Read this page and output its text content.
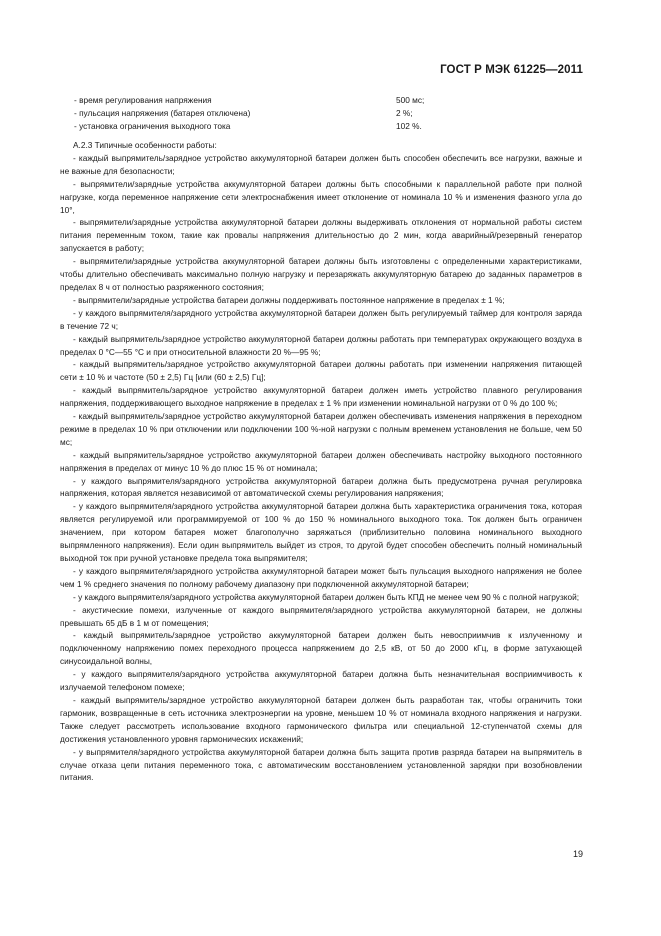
ГОСТ Р МЭК 61225—2011
- время регулирования напряжения	500 мс;
- пульсация напряжения (батарея отключена)	2 %;
- установка ограничения выходного тока	102 %.

А.2.3 Типичные особенности работы:

- каждый выпрямитель/зарядное устройство аккумуляторной батареи должен быть способен обеспечить все нагрузки, важные и не важные для безопасности;

- выпрямители/зарядные устройства аккумуляторной батареи должны быть способными к параллельной работе при полной нагрузке, когда переменное напряжение сети электроснабжения имеет отклонение от номинала 10 % и изменения фазного угла до 10°,

- выпрямители/зарядные устройства аккумуляторной батареи должны выдерживать отклонения от нормальной работы систем питания переменным током, такие как провалы напряжения длительностью до 2 мин, когда аварийный/резервный генератор запускается в работу;

- выпрямители/зарядные устройства аккумуляторной батареи должны быть изготовлены с определенными характеристиками, чтобы длительно обеспечивать максимально полную нагрузку и перезаряжать аккумуляторную батарею до заданных параметров в пределах 8 ч от полностью разряженного состояния;

- выпрямители/зарядные устройства батареи должны поддерживать постоянное напряжение в пределах ± 1 %;

- у каждого выпрямителя/зарядного устройства аккумуляторной батареи должен быть регулируемый таймер для контроля заряда в течение 72 ч;

- каждый выпрямитель/зарядное устройство аккумуляторной батареи должны работать при температурах окружающего воздуха в пределах 0 °С—55 °С и при относительной влажности 20 %—95 %;

- каждый выпрямитель/зарядное устройство аккумуляторной батареи должны работать при изменении напряжения питающей сети ± 10 % и частоте (50 ± 2,5) Гц [или (60 ± 2,5) Гц];

- каждый выпрямитель/зарядное устройство аккумуляторной батареи должен иметь устройство плавного регулирования напряжения, поддерживающего выходное напряжение в пределах ± 1 % при изменении номинальной нагрузки от 0 % до 100 %;

- каждый выпрямитель/зарядное устройство аккумуляторной батареи должен обеспечивать изменения напряжения в переходном режиме в пределах 10 % при отключении или подключении 100 %-ной нагрузки с полным временем установления не больше, чем 50 мс;

- каждый выпрямитель/зарядное устройство аккумуляторной батареи должен обеспечивать настройку выходного постоянного напряжения в пределах от минус 10 % до плюс 15 % от номинала;

- у каждого выпрямителя/зарядного устройства аккумуляторной батареи должна быть предусмотрена ручная регулировка напряжения, которая является независимой от автоматической схемы регулирования напряжения;

- у каждого выпрямителя/зарядного устройства аккумуляторной батареи должна быть характеристика ограничения тока, которая является регулируемой или программируемой от 100 % до 150 % номинального выходного тока. Ток должен быть ограничен значением, при котором батарея может благополучно заряжаться (приблизительно половина номинального выходного выпрямленного напряжения). Если один выпрямитель выйдет из строя, то другой будет способен обеспечить полный номинальный выходной ток при ручной установке предела тока выпрямителя;

- у каждого выпрямителя/зарядного устройства аккумуляторной батареи может быть пульсация выходного напряжения не более чем 1 % среднего значения по полному рабочему диапазону при подключенной аккумуляторной батареи;

- у каждого выпрямителя/зарядного устройства аккумуляторной батареи должен быть КПД не менее чем 90 % с полной нагрузкой;

- акустические помехи, излученные от каждого выпрямителя/зарядного устройства аккумуляторной батареи, не должны превышать 65 дБ в 1 м от помещения;

- каждый выпрямитель/зарядное устройство аккумуляторной батареи должен быть невосприимчив к излученному и подключенному напряжению помех переходного процесса напряжением до 2,5 кВ, от 50 до 2000 кГц, в форме затухающей синусоидальной волны,

- у каждого выпрямителя/зарядного устройства аккумуляторной батареи должна быть незначительная восприимчивость к излучаемой телефоном помехе;

- каждый выпрямитель/зарядное устройство аккумуляторной батареи должен быть разработан так, чтобы ограничить токи гармоник, возвращенные в сеть источника электроэнергии на уровне, меньшем 10 % от номинала входного напряжения и нагрузки. Также следует рассмотреть использование входного гармонического фильтра или специальной 12-ступенчатой схемы для достижения установленного уровня гармонических искажений;

- у выпрямителя/зарядного устройства аккумуляторной батареи должна быть защита против разряда батареи на выпрямитель в случае отказа цепи питания переменного тока, с автоматическим восстановлением установленной зарядки при возобновлении питания.

19
